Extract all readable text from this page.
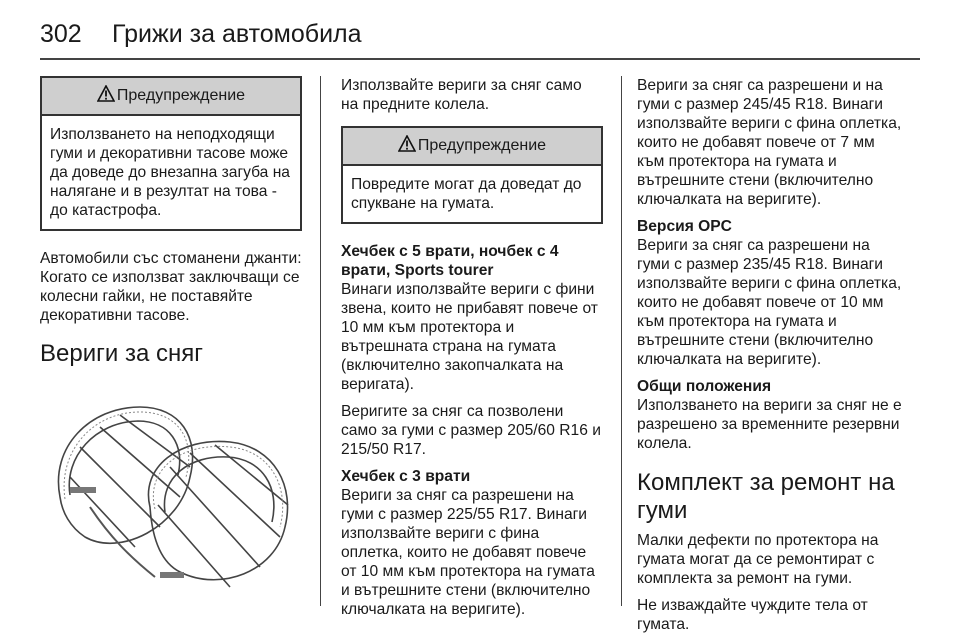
302 Грижи за автомобила
Предупреждение
Използването на неподходящи гуми и декоративни тасове може да доведе до внезапна загуба на налягане и в резултат на това - до катастрофа.

Автомобили със стоманени джанти: Когато се използват заключващи се колесни гайки, не поставяйте декоративни тасове.

Вериги за сняг

Използвайте вериги за сняг само на предните колела.

Предупреждение
Повредите могат да доведат до спукване на гумата.

Хечбек с 5 врати, ночбек с 4 врати, Sports tourer
Винаги използвайте вериги с фини звена, които не прибавят повече от 10 мм към протектора и вътрешната страна на гумата (включително закопчалката на веригата).

Веригите за сняг са позволени само за гуми с размер 205/60 R16 и 215/50 R17.

Хечбек с 3 врати
Вериги за сняг са разрешени на гуми с размер 225/55 R17. Винаги използвайте вериги с фина оплетка, които не добавят повече от 10 мм към протектора на гумата и вътрешните стени (включително ключалката на веригите).

Вериги за сняг са разрешени и на гуми с размер 245/45 R18. Винаги използвайте вериги с фина оплетка, които не добавят повече от 7 мм към протектора на гумата и вътрешните стени (включително ключалката на веригите).

Версия OPC
Вериги за сняг са разрешени на гуми с размер 235/45 R18. Винаги използвайте вериги с фина оплетка, които не добавят повече от 10 мм към протектора на гумата и вътрешните стени (включително ключалката на веригите).

Общи положения
Използването на вериги за сняг не е разрешено за временните резервни колела.

Комплект за ремонт на гуми

Малки дефекти по протектора на гумата могат да се ремонтират с комплекта за ремонт на гуми.

Не изваждайте чуждите тела от гумата.
